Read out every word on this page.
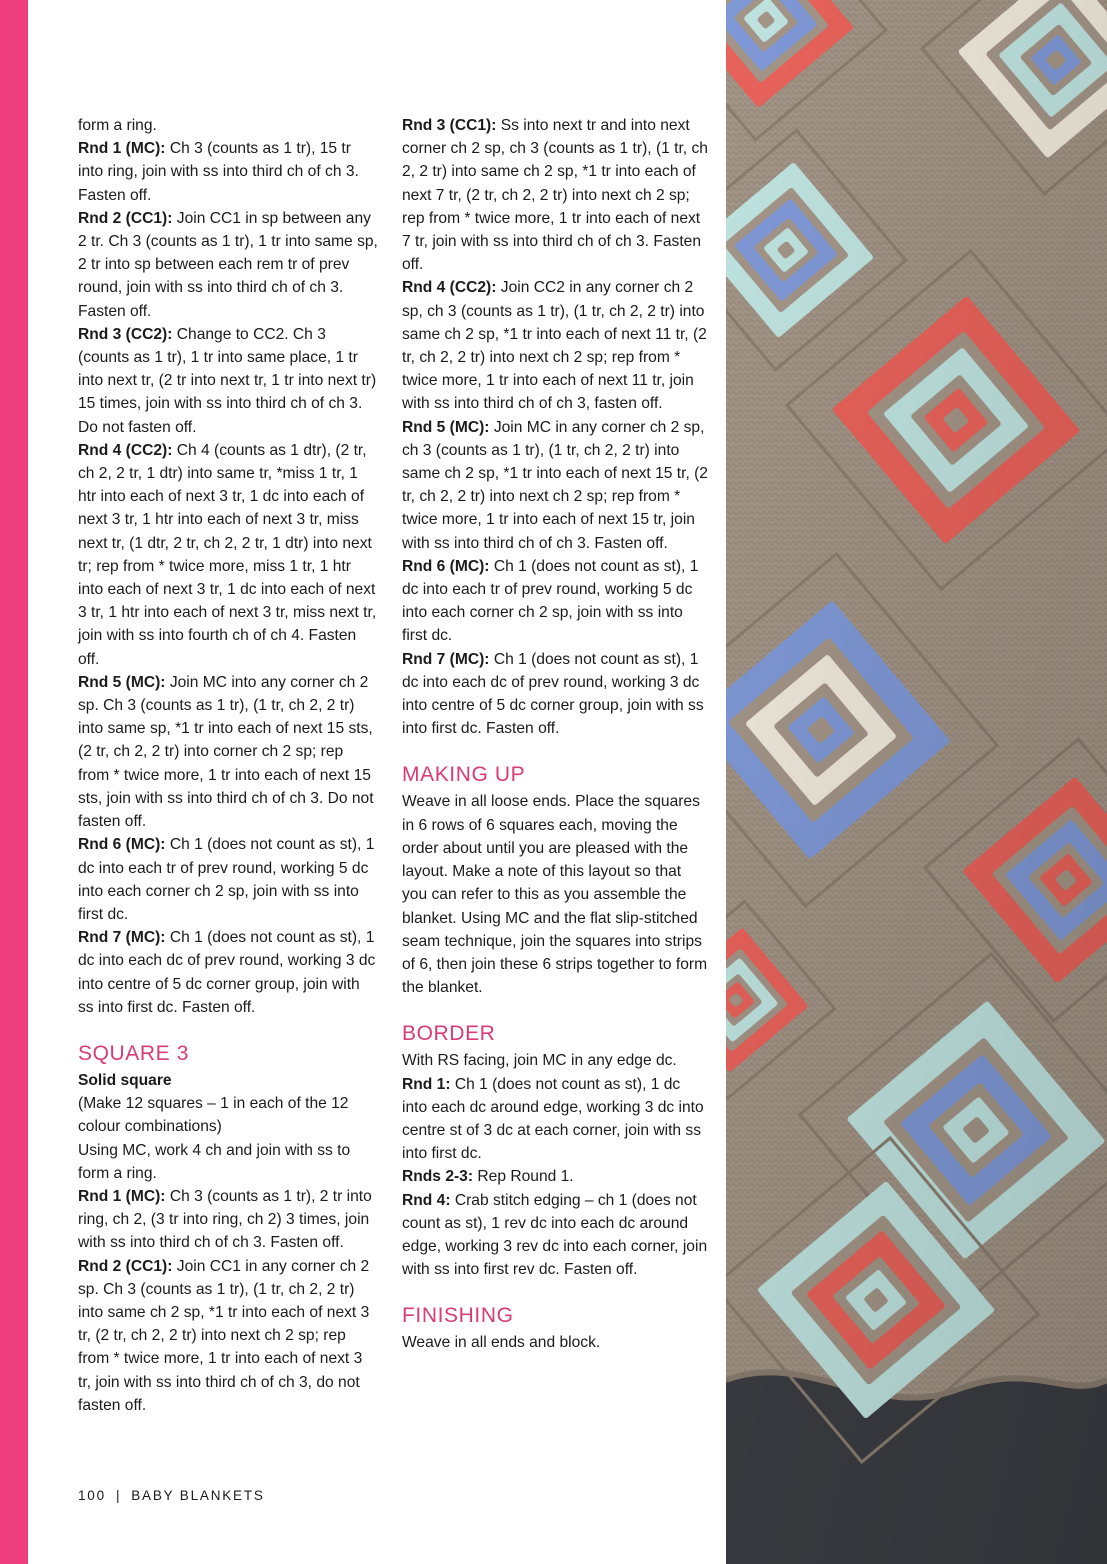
form a ring.

Rnd 1 (MC): Ch 3 (counts as 1 tr), 15 tr into ring, join with ss into third ch of ch 3. Fasten off.

Rnd 2 (CC1): Join CC1 in sp between any 2 tr. Ch 3 (counts as 1 tr), 1 tr into same sp, 2 tr into sp between each rem tr of prev round, join with ss into third ch of ch 3. Fasten off.

Rnd 3 (CC2): Change to CC2. Ch 3 (counts as 1 tr), 1 tr into same place, 1 tr into next tr, (2 tr into next tr, 1 tr into next tr) 15 times, join with ss into third ch of ch 3. Do not fasten off.

Rnd 4 (CC2): Ch 4 (counts as 1 dtr), (2 tr, ch 2, 2 tr, 1 dtr) into same tr, *miss 1 tr, 1 htr into each of next 3 tr, 1 dc into each of next 3 tr, 1 htr into each of next 3 tr, miss next tr, (1 dtr, 2 tr, ch 2, 2 tr, 1 dtr) into next tr; rep from * twice more, miss 1 tr, 1 htr into each of next 3 tr, 1 dc into each of next 3 tr, 1 htr into each of next 3 tr, miss next tr, join with ss into fourth ch of ch 4. Fasten off.

Rnd 5 (MC): Join MC into any corner ch 2 sp. Ch 3 (counts as 1 tr), (1 tr, ch 2, 2 tr) into same sp, *1 tr into each of next 15 sts, (2 tr, ch 2, 2 tr) into corner ch 2 sp; rep from * twice more, 1 tr into each of next 15 sts, join with ss into third ch of ch 3. Do not fasten off.

Rnd 6 (MC): Ch 1 (does not count as st), 1 dc into each tr of prev round, working 5 dc into each corner ch 2 sp, join with ss into first dc.

Rnd 7 (MC): Ch 1 (does not count as st), 1 dc into each dc of prev round, working 3 dc into centre of 5 dc corner group, join with ss into first dc. Fasten off.

SQUARE 3

Solid square

(Make 12 squares – 1 in each of the 12 colour combinations)

Using MC, work 4 ch and join with ss to form a ring.

Rnd 1 (MC): Ch 3 (counts as 1 tr), 2 tr into ring, ch 2, (3 tr into ring, ch 2) 3 times, join with ss into third ch of ch 3. Fasten off.

Rnd 2 (CC1): Join CC1 in any corner ch 2 sp. Ch 3 (counts as 1 tr), (1 tr, ch 2, 2 tr) into same ch 2 sp, *1 tr into each of next 3 tr, (2 tr, ch 2, 2 tr) into next ch 2 sp; rep from * twice more, 1 tr into each of next 3 tr, join with ss into third ch of ch 3, do not fasten off.

Rnd 3 (CC1): Ss into next tr and into next corner ch 2 sp, ch 3 (counts as 1 tr), (1 tr, ch 2, 2 tr) into same ch 2 sp, *1 tr into each of next 7 tr, (2 tr, ch 2, 2 tr) into next ch 2 sp; rep from * twice more, 1 tr into each of next 7 tr, join with ss into third ch of ch 3. Fasten off.

Rnd 4 (CC2): Join CC2 in any corner ch 2 sp, ch 3 (counts as 1 tr), (1 tr, ch 2, 2 tr) into same ch 2 sp, *1 tr into each of next 11 tr, (2 tr, ch 2, 2 tr) into next ch 2 sp; rep from * twice more, 1 tr into each of next 11 tr, join with ss into third ch of ch 3, fasten off.

Rnd 5 (MC): Join MC in any corner ch 2 sp, ch 3 (counts as 1 tr), (1 tr, ch 2, 2 tr) into same ch 2 sp, *1 tr into each of next 15 tr, (2 tr, ch 2, 2 tr) into next ch 2 sp; rep from * twice more, 1 tr into each of next 15 tr, join with ss into third ch of ch 3. Fasten off.

Rnd 6 (MC): Ch 1 (does not count as st), 1 dc into each tr of prev round, working 5 dc into each corner ch 2 sp, join with ss into first dc.

Rnd 7 (MC): Ch 1 (does not count as st), 1 dc into each dc of prev round, working 3 dc into centre of 5 dc corner group, join with ss into first dc. Fasten off.

MAKING UP

Weave in all loose ends. Place the squares in 6 rows of 6 squares each, moving the order about until you are pleased with the layout. Make a note of this layout so that you can refer to this as you assemble the blanket. Using MC and the flat slip-stitched seam technique, join the squares into strips of 6, then join these 6 strips together to form the blanket.

BORDER

With RS facing, join MC in any edge dc.

Rnd 1: Ch 1 (does not count as st), 1 dc into each dc around edge, working 3 dc into centre st of 3 dc at each corner, join with ss into first dc.

Rnds 2-3: Rep Round 1.

Rnd 4: Crab stitch edging – ch 1 (does not count as st), 1 rev dc into each dc around edge, working 3 rev dc into each corner, join with ss into first rev dc. Fasten off.

FINISHING

Weave in all ends and block.

100 | BABY BLANKETS
